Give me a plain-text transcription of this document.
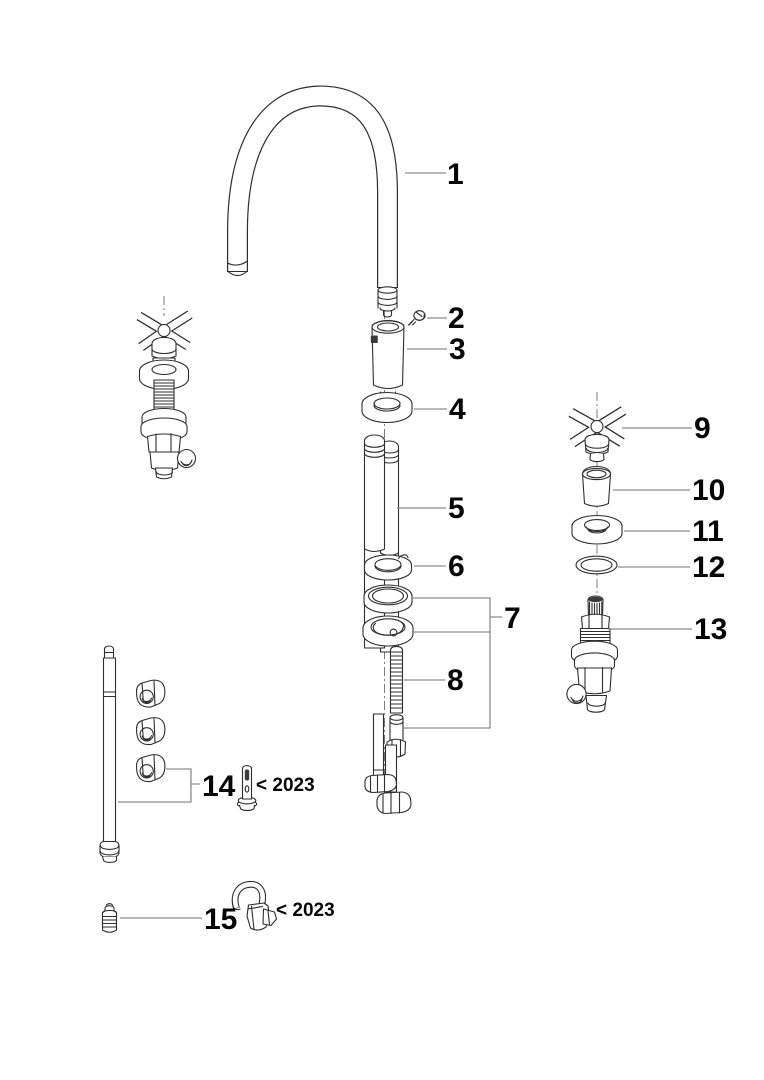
1
2
3
4
5
6
7
8
9
10
11
12
13
14
15
< 2023
< 2023
